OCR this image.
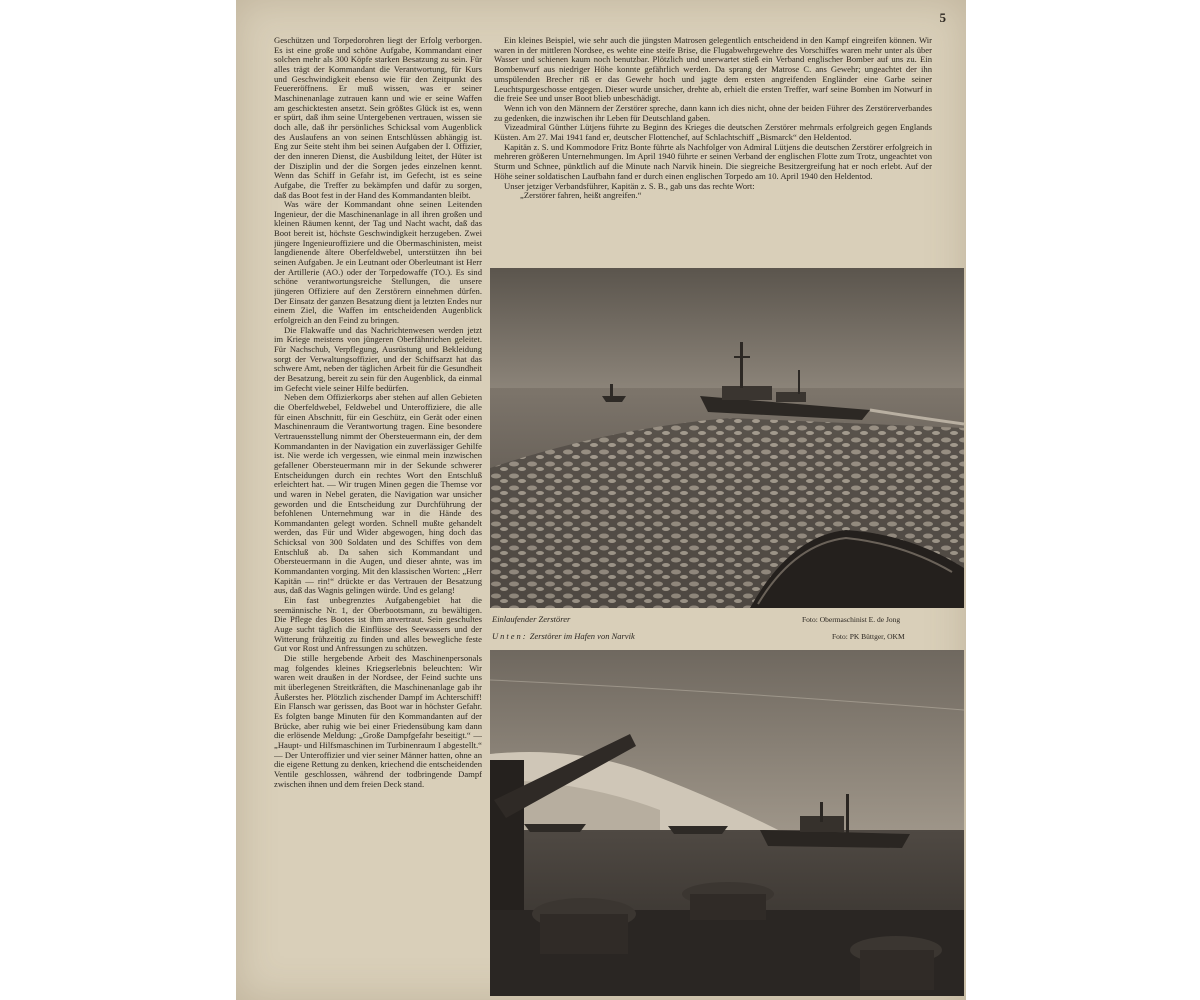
5

Geschützen und Torpedorohren liegt der Erfolg verborgen. Es ist eine große und schöne Aufgabe, Kommandant einer solchen mehr als 300 Köpfe starken Besatzung zu sein. Für alles trägt der Kommandant die Verantwortung, für Kurs und Geschwindigkeit ebenso wie für den Zeitpunkt des Feuereröffnens. Er muß wissen, was er seiner Maschinenanlage zutrauen kann und wie er seine Waffen am geschicktesten ansetzt. Sein größtes Glück ist es, wenn er spürt, daß ihm seine Untergebenen vertrauen, wissen sie doch alle, daß ihr persönliches Schicksal vom Augenblick des Auslaufens an von seinen Entschlüssen abhängig ist. Eng zur Seite steht ihm bei seinen Aufgaben der I. Offizier, der den inneren Dienst, die Ausbildung leitet, der Hüter ist der Disziplin und der die Sorgen jedes einzelnen kennt. Wenn das Schiff in Gefahr ist, im Gefecht, ist es seine Aufgabe, die Treffer zu bekämpfen und dafür zu sorgen, daß das Boot fest in der Hand des Kommandanten bleibt.

Was wäre der Kommandant ohne seinen Leitenden Ingenieur, der die Maschinenanlage in all ihren großen und kleinen Räumen kennt, der Tag und Nacht wacht, daß das Boot bereit ist, höchste Geschwindigkeit herzugeben. Zwei jüngere Ingenieuroffiziere und die Obermaschinisten, meist langdienende ältere Oberfeldwebel, unterstützen ihn bei seinen Aufgaben. Je ein Leutnant oder Oberleutnant ist Herr der Artillerie (AO.) oder der Torpedowaffe (TO.). Es sind schöne verantwortungsreiche Stellungen, die unsere jüngeren Offiziere auf den Zerstörern einnehmen dürfen. Der Einsatz der ganzen Besatzung dient ja letzten Endes nur einem Ziel, die Waffen im entscheidenden Augenblick erfolgreich an den Feind zu bringen.

Die Flakwaffe und das Nachrichtenwesen werden jetzt im Kriege meistens von jüngeren Oberfähnrichen geleitet. Für Nachschub, Verpflegung, Ausrüstung und Bekleidung sorgt der Verwaltungsoffizier, und der Schiffsarzt hat das schwere Amt, neben der täglichen Arbeit für die Gesundheit der Besatzung, bereit zu sein für den Augenblick, da einmal im Gefecht viele seiner Hilfe bedürfen.

Neben dem Offizierkorps aber stehen auf allen Gebieten die Oberfeldwebel, Feldwebel und Unteroffiziere, die alle für einen Abschnitt, für ein Geschütz, ein Gerät oder einen Maschinenraum die Verantwortung tragen. Eine besondere Vertrauensstellung nimmt der Obersteuermann ein, der dem Kommandanten in der Navigation ein zuverlässiger Gehilfe ist. Nie werde ich vergessen, wie einmal mein inzwischen gefallener Obersteuermann mir in der Sekunde schwerer Entscheidungen durch ein rechtes Wort den Entschluß erleichtert hat. — Wir trugen Minen gegen die Themse vor und waren in Nebel geraten, die Navigation war unsicher geworden und die Entscheidung zur Durchführung der befohlenen Unternehmung war in die Hände des Kommandanten gelegt worden. Schnell mußte gehandelt werden, das Für und Wider abgewogen, hing doch das Schicksal von 300 Soldaten und des Schiffes von dem Entschluß ab. Da sahen sich Kommandant und Obersteuermann in die Augen, und dieser ahnte, was im Kommandanten vorging. Mit den klassischen Worten: „Herr Kapitän — rin!“ drückte er das Vertrauen der Besatzung aus, daß das Wagnis gelingen würde. Und es gelang!

Ein fast unbegrenztes Aufgabengebiet hat die seemännische Nr. 1, der Oberbootsmann, zu bewältigen. Die Pflege des Bootes ist ihm anvertraut. Sein geschultes Auge sucht täglich die Einflüsse des Seewassers und der Witterung frühzeitig zu finden und alles bewegliche feste Gut vor Rost und Anfressungen zu schützen.

Die stille hergebende Arbeit des Maschinenpersonals mag folgendes kleines Kriegserlebnis beleuchten: Wir waren weit draußen in der Nordsee, der Feind suchte uns mit überlegenen Streitkräften, die Maschinenanlage gab ihr Äußerstes her. Plötzlich zischender Dampf im Achterschiff! Ein Flansch war gerissen, das Boot war in höchster Gefahr. Es folgten bange Minuten für den Kommandanten auf der Brücke, aber ruhig wie bei einer Friedensübung kam dann die erlösende Meldung: „Große Dampfgefahr beseitigt.“ — „Haupt- und Hilfsmaschinen im Turbinenraum I abgestellt.“ — Der Unteroffizier und vier seiner Männer hatten, ohne an die eigene Rettung zu denken, kriechend die entscheidenden Ventile geschlossen, während der todbringende Dampf zwischen ihnen und dem freien Deck stand.

Ein kleines Beispiel, wie sehr auch die jüngsten Matrosen gelegentlich entscheidend in den Kampf eingreifen können. Wir waren in der mittleren Nordsee, es wehte eine steife Brise, die Flugabwehrgewehre des Vorschiffes waren mehr unter als über Wasser und schienen kaum noch benutzbar. Plötzlich und unerwartet stieß ein Verband englischer Bomber auf uns zu. Ein Bombenwurf aus niedriger Höhe konnte gefährlich werden. Da sprang der Matrose C. ans Gewehr; ungeachtet der ihn umspülenden Brecher riß er das Gewehr hoch und jagte dem ersten angreifenden Engländer eine Garbe seiner Leuchtspurgeschosse entgegen. Dieser wurde unsicher, drehte ab, erhielt die ersten Treffer, warf seine Bomben im Notwurf in die freie See und unser Boot blieb unbeschädigt.

Wenn ich von den Männern der Zerstörer spreche, dann kann ich dies nicht, ohne der beiden Führer des Zerstörerverbandes zu gedenken, die inzwischen ihr Leben für Deutschland gaben.

Vizeadmiral Günther Lütjens führte zu Beginn des Krieges die deutschen Zerstörer mehrmals erfolgreich gegen Englands Küsten. Am 27. Mai 1941 fand er, deutscher Flottenchef, auf Schlachtschiff „Bismarck“ den Heldentod.

Kapitän z. S. und Kommodore Fritz Bonte führte als Nachfolger von Admiral Lütjens die deutschen Zerstörer erfolgreich in mehreren größeren Unternehmungen. Im April 1940 führte er seinen Verband der englischen Flotte zum Trotz, ungeachtet von Sturm und Schnee, pünktlich auf die Minute nach Narvik hinein. Die siegreiche Besitzergreifung hat er noch erlebt. Auf der Höhe seiner soldatischen Laufbahn fand er durch einen englischen Torpedo am 10. April 1940 den Heldentod.

Unser jetziger Verbandsführer, Kapitän z. S. B., gab uns das rechte Wort:

„Zerstörer fahren, heißt angreifen.“

Einlaufender Zerstörer	Foto: Obermaschinist E. de Jong
Unten: Zerstörer im Hafen von Narvik	Foto: PK Büttger, OKM
